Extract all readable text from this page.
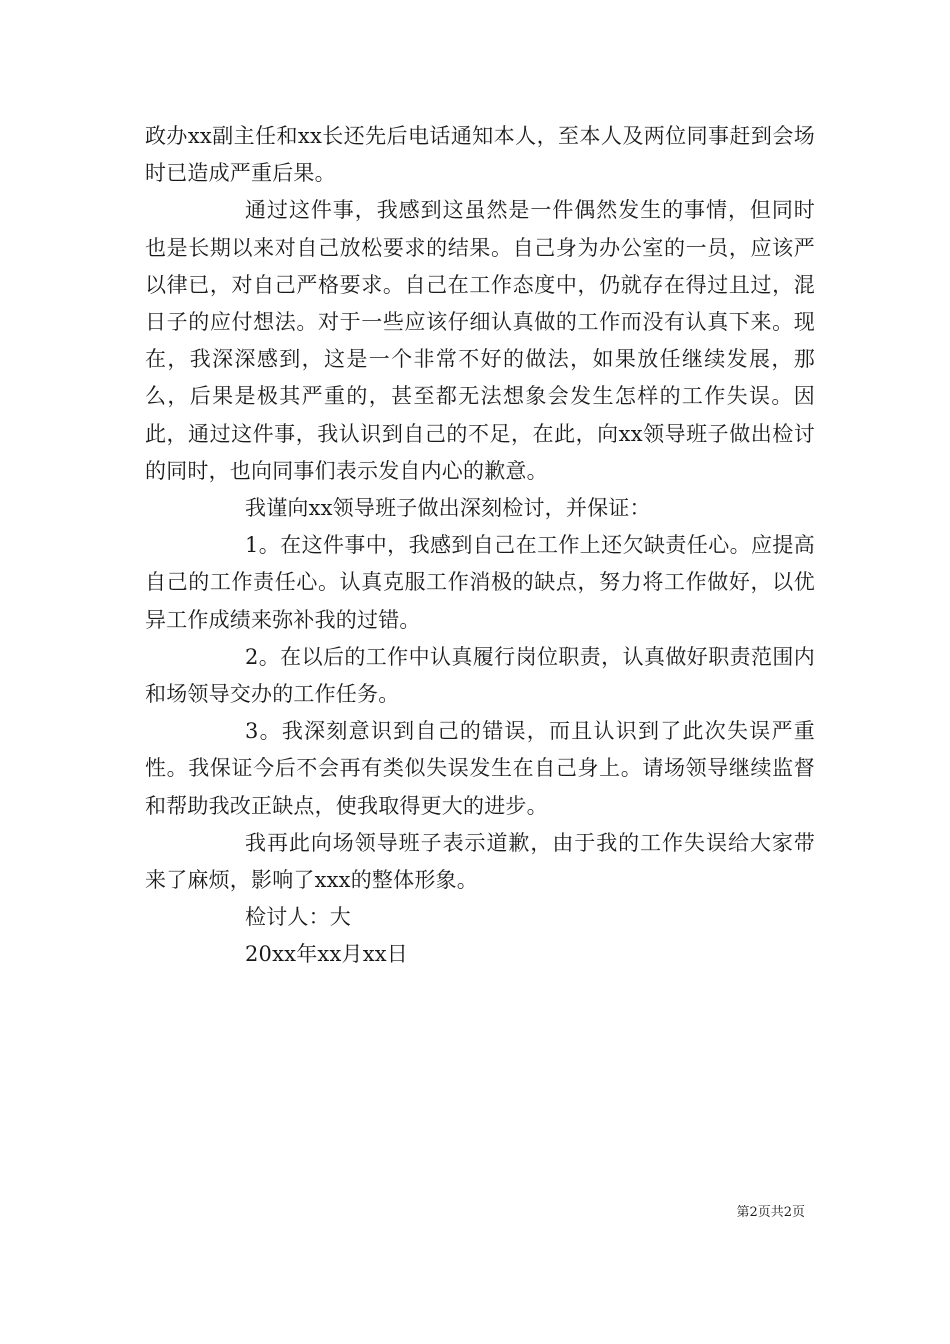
政办xx副主任和xx长还先后电话通知本人，至本人及两位同事赶到会场时已造成严重后果。

通过这件事，我感到这虽然是一件偶然发生的事情，但同时也是长期以来对自己放松要求的结果。自己身为办公室的一员，应该严以律已，对自己严格要求。自己在工作态度中，仍就存在得过且过，混日子的应付想法。对于一些应该仔细认真做的工作而没有认真下来。现在，我深深感到，这是一个非常不好的做法，如果放任继续发展，那么，后果是极其严重的，甚至都无法想象会发生怎样的工作失误。因此，通过这件事，我认识到自己的不足，在此，向xx领导班子做出检讨的同时，也向同事们表示发自内心的歉意。

我谨向xx领导班子做出深刻检讨，并保证：

1。在这件事中，我感到自己在工作上还欠缺责任心。应提高自己的工作责任心。认真克服工作消极的缺点，努力将工作做好，以优异工作成绩来弥补我的过错。

2。在以后的工作中认真履行岗位职责，认真做好职责范围内和场领导交办的工作任务。

3。我深刻意识到自己的错误，而且认识到了此次失误严重性。我保证今后不会再有类似失误发生在自己身上。请场领导继续监督和帮助我改正缺点，使我取得更大的进步。

我再此向场领导班子表示道歉，由于我的工作失误给大家带来了麻烦，影响了xxx的整体形象。

检讨人：大

20xx年xx月xx日

第2页共2页
